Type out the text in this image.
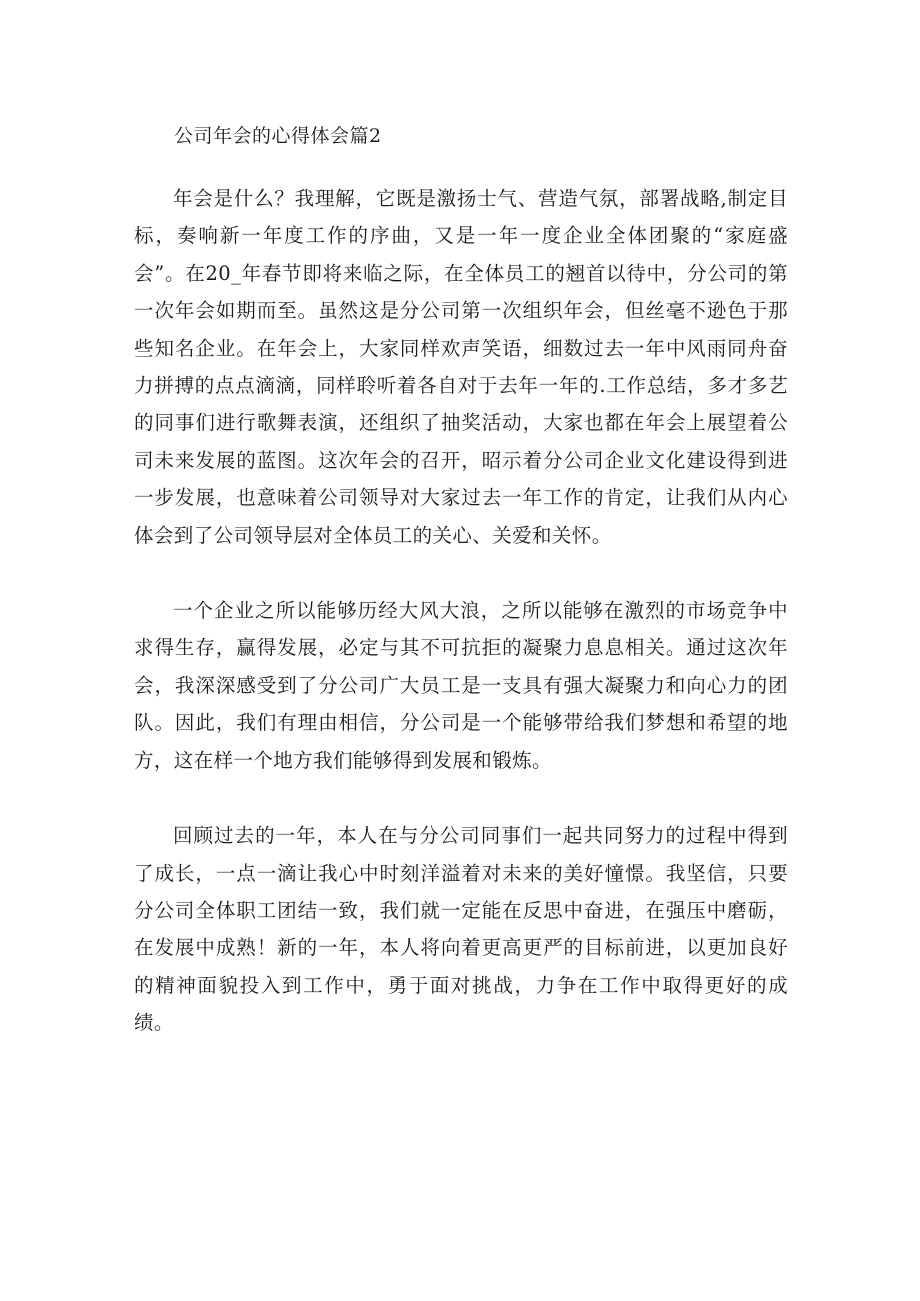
公司年会的心得体会篇2

年会是什么？我理解，它既是激扬士气、营造气氛，部署战略,制定目标，奏响新一年度工作的序曲，又是一年一度企业全体团聚的“家庭盛会”。在20_年春节即将来临之际，在全体员工的翘首以待中，分公司的第一次年会如期而至。虽然这是分公司第一次组织年会，但丝毫不逊色于那些知名企业。在年会上，大家同样欢声笑语，细数过去一年中风雨同舟奋力拼搏的点点滴滴，同样聆听着各自对于去年一年的.工作总结，多才多艺的同事们进行歌舞表演，还组织了抽奖活动，大家也都在年会上展望着公司未来发展的蓝图。这次年会的召开，昭示着分公司企业文化建设得到进一步发展，也意味着公司领导对大家过去一年工作的肯定，让我们从内心体会到了公司领导层对全体员工的关心、关爱和关怀。

一个企业之所以能够历经大风大浪，之所以能够在激烈的市场竞争中求得生存，赢得发展，必定与其不可抗拒的凝聚力息息相关。通过这次年会，我深深感受到了分公司广大员工是一支具有强大凝聚力和向心力的团队。因此，我们有理由相信，分公司是一个能够带给我们梦想和希望的地方，这在样一个地方我们能够得到发展和锻炼。

回顾过去的一年，本人在与分公司同事们一起共同努力的过程中得到了成长，一点一滴让我心中时刻洋溢着对未来的美好憧憬。我坚信，只要分公司全体职工团结一致，我们就一定能在反思中奋进，在强压中磨砺，在发展中成熟！新的一年，本人将向着更高更严的目标前进，以更加良好的精神面貌投入到工作中，勇于面对挑战，力争在工作中取得更好的成绩。
